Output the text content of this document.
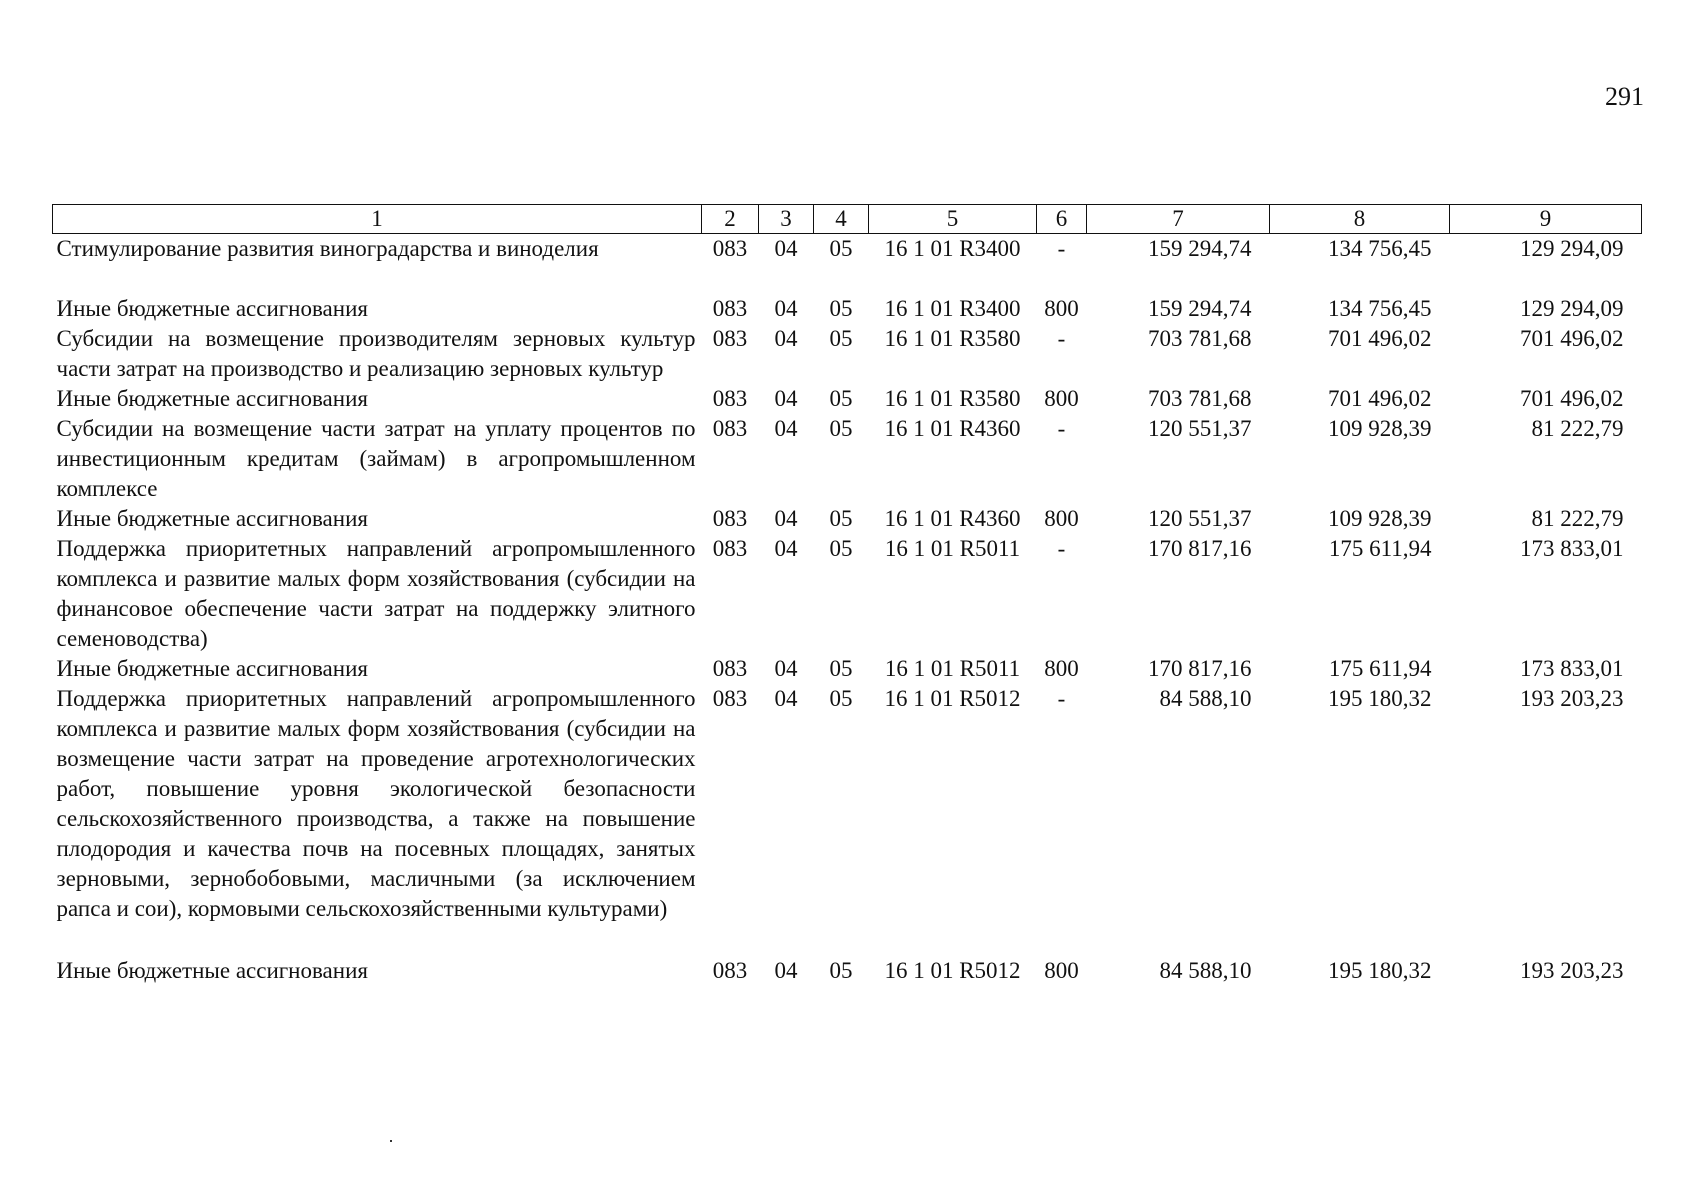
291
1	2	3	4	5	6	7	8	9
Стимулирование развития виноградарства и виноделия	083	04	05	16 1 01 R3400	-	159 294,74	134 756,45	129 294,09
Иные бюджетные ассигнования	083	04	05	16 1 01 R3400	800	159 294,74	134 756,45	129 294,09
Субсидии на возмещение производителям зерновых культур части затрат на производство и реализацию зерновых культур	083	04	05	16 1 01 R3580	-	703 781,68	701 496,02	701 496,02
Иные бюджетные ассигнования	083	04	05	16 1 01 R3580	800	703 781,68	701 496,02	701 496,02
Субсидии на возмещение части затрат на уплату процентов по инвестиционным кредитам (займам) в агропромышленном комплексе	083	04	05	16 1 01 R4360	-	120 551,37	109 928,39	81 222,79
Иные бюджетные ассигнования	083	04	05	16 1 01 R4360	800	120 551,37	109 928,39	81 222,79
Поддержка приоритетных направлений агропромышленного комплекса и развитие малых форм хозяйствования (субсидии на финансовое обеспечение части затрат на поддержку элитного семеноводства)	083	04	05	16 1 01 R5011	-	170 817,16	175 611,94	173 833,01
Иные бюджетные ассигнования	083	04	05	16 1 01 R5011	800	170 817,16	175 611,94	173 833,01
Поддержка приоритетных направлений агропромышленного комплекса и развитие малых форм хозяйствования (субсидии на возмещение части затрат на проведение агротехнологических работ, повышение уровня экологической безопасности сельскохозяйственного производства, а также на повышение плодородия и качества почв на посевных площадях, занятых зерновыми, зернобобовыми, масличными (за исключением рапса и сои), кормовыми сельскохозяйственными культурами)	083	04	05	16 1 01 R5012	-	84 588,10	195 180,32	193 203,23
Иные бюджетные ассигнования	083	04	05	16 1 01 R5012	800	84 588,10	195 180,32	193 203,23
